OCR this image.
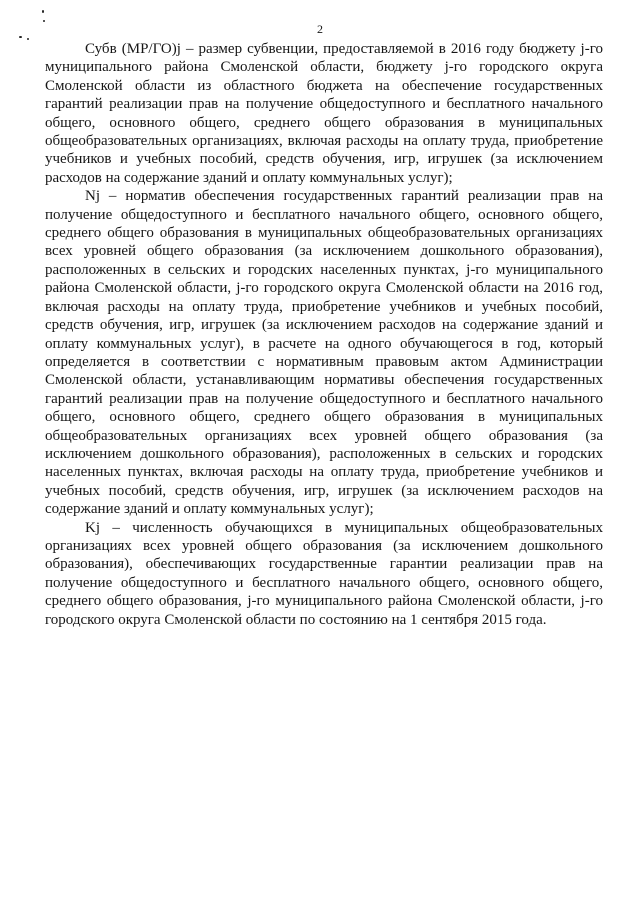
2

Субв (МР/ГО)j – размер субвенции, предоставляемой в 2016 году бюджету j-го муниципального района Смоленской области, бюджету j-го городского округа Смоленской области из областного бюджета на обеспечение государственных гарантий реализации прав на получение общедоступного и бесплатного начального общего, основного общего, среднего общего образования в муниципальных общеобразовательных организациях, включая расходы на оплату труда, приобретение учебников и учебных пособий, средств обучения, игр, игрушек (за исключением расходов на содержание зданий и оплату коммунальных услуг);

Nj – норматив обеспечения государственных гарантий реализации прав на получение общедоступного и бесплатного начального общего, основного общего, среднего общего образования в муниципальных общеобразовательных организациях всех уровней общего образования (за исключением дошкольного образования), расположенных в сельских и городских населенных пунктах, j-го муниципального района Смоленской области, j-го городского округа Смоленской области на 2016 год, включая расходы на оплату труда, приобретение учебников и учебных пособий, средств обучения, игр, игрушек (за исключением расходов на содержание зданий и оплату коммунальных услуг), в расчете на одного обучающегося в год, который определяется в соответствии с нормативным правовым актом Администрации Смоленской области, устанавливающим нормативы обеспечения государственных гарантий реализации прав на получение общедоступного и бесплатного начального общего, основного общего, среднего общего образования в муниципальных общеобразовательных организациях всех уровней общего образования (за исключением дошкольного образования), расположенных в сельских и городских населенных пунктах, включая расходы на оплату труда, приобретение учебников и учебных пособий, средств обучения, игр, игрушек (за исключением расходов на содержание зданий и оплату коммунальных услуг);

Kj – численность обучающихся в муниципальных общеобразовательных организациях всех уровней общего образования (за исключением дошкольного образования), обеспечивающих государственные гарантии реализации прав на получение общедоступного и бесплатного начального общего, основного общего, среднего общего образования, j-го муниципального района Смоленской области, j-го городского округа Смоленской области по состоянию на 1 сентября 2015 года.
